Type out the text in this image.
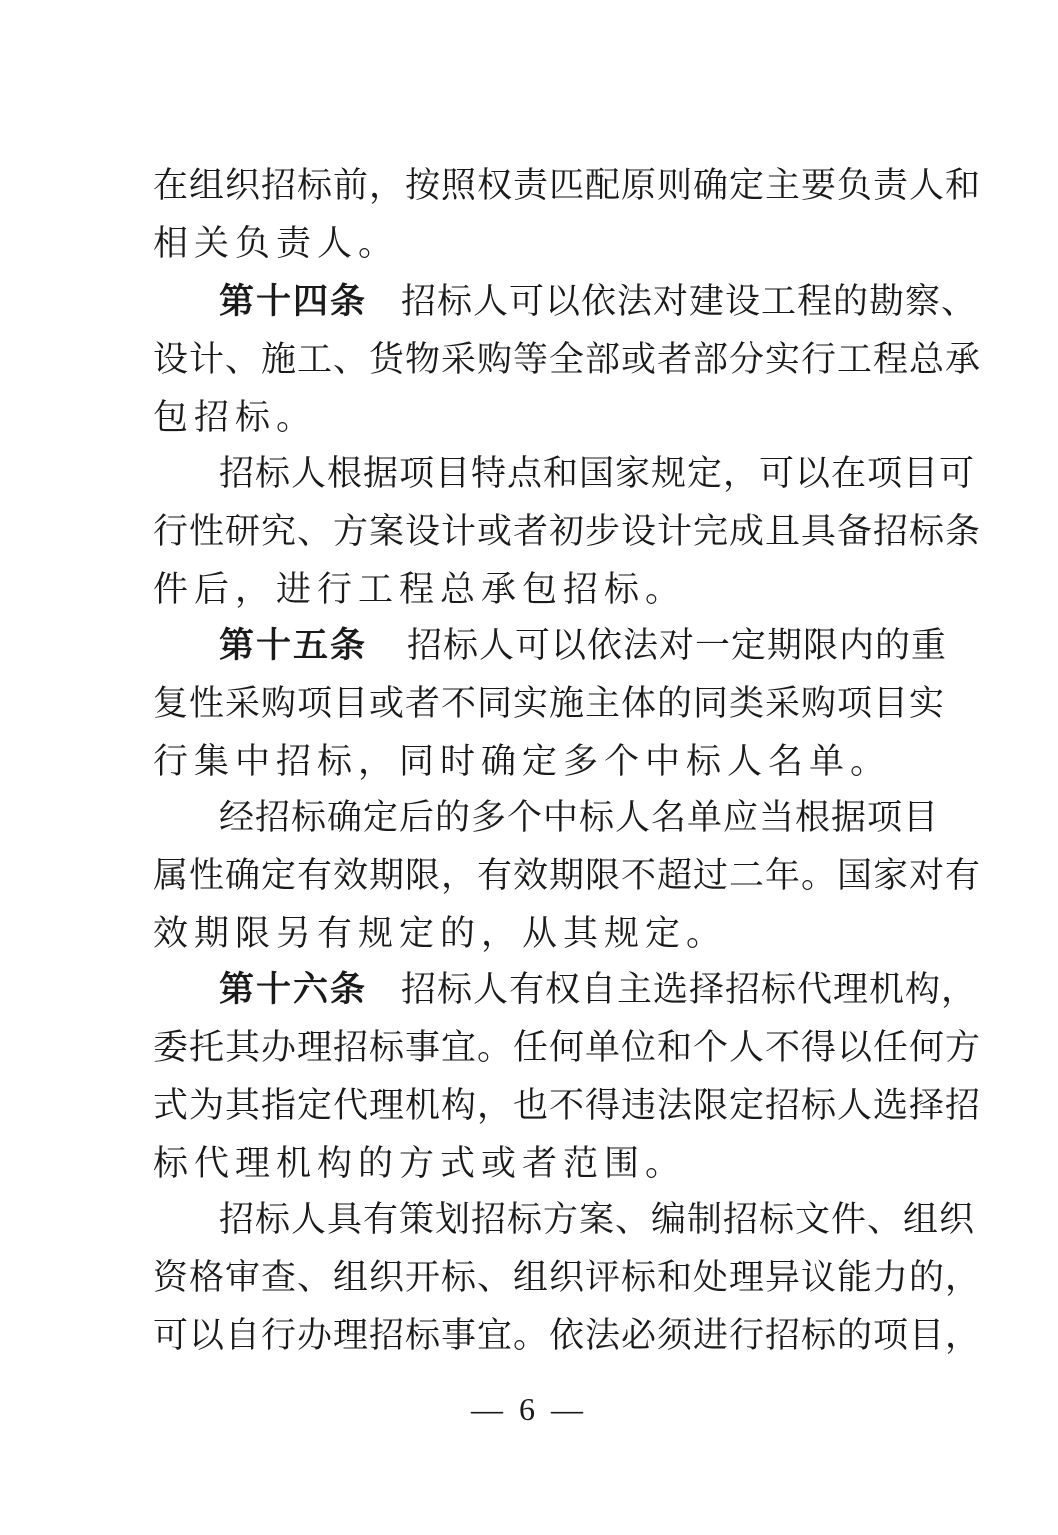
在组织招标前，按照权责匹配原则确定主要负责人和
相关负责人。
第十四条 招标人可以依法对建设工程的勘察、
设计、施工、货物采购等全部或者部分实行工程总承
包招标。
招标人根据项目特点和国家规定，可以在项目可
行性研究、方案设计或者初步设计完成且具备招标条
件后，进行工程总承包招标。
第十五条 招标人可以依法对一定期限内的重
复性采购项目或者不同实施主体的同类采购项目实
行集中招标，同时确定多个中标人名单。
经招标确定后的多个中标人名单应当根据项目
属性确定有效期限，有效期限不超过二年。国家对有
效期限另有规定的，从其规定。
第十六条 招标人有权自主选择招标代理机构，
委托其办理招标事宜。任何单位和个人不得以任何方
式为其指定代理机构，也不得违法限定招标人选择招
标代理机构的方式或者范围。
招标人具有策划招标方案、编制招标文件、组织
资格审查、组织开标、组织评标和处理异议能力的，
可以自行办理招标事宜。依法必须进行招标的项目，
— 6 —
